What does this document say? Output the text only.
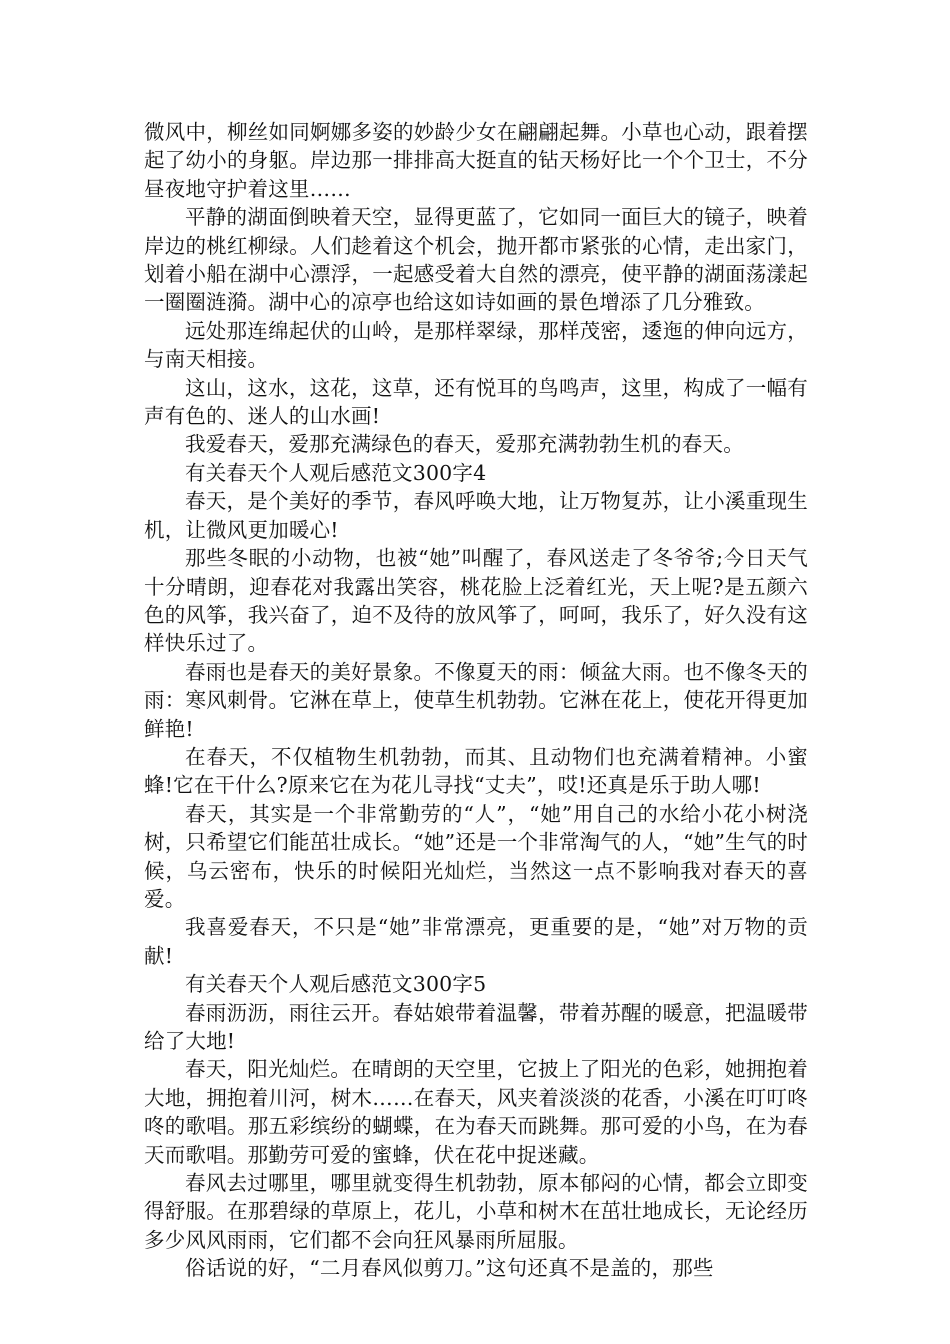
微风中，柳丝如同婀娜多姿的妙龄少女在翩翩起舞。小草也心动，跟着摆起了幼小的身躯。岸边那一排排高大挺直的钻天杨好比一个个卫士，不分昼夜地守护着这里……

平静的湖面倒映着天空，显得更蓝了，它如同一面巨大的镜子，映着岸边的桃红柳绿。人们趁着这个机会，抛开都市紧张的心情，走出家门，划着小船在湖中心漂浮，一起感受着大自然的漂亮，使平静的湖面荡漾起一圈圈涟漪。湖中心的凉亭也给这如诗如画的景色增添了几分雅致。

远处那连绵起伏的山岭，是那样翠绿，那样茂密，逶迤的伸向远方，与南天相接。

这山，这水，这花，这草，还有悦耳的鸟鸣声，这里，构成了一幅有声有色的、迷人的山水画!

我爱春天，爱那充满绿色的春天，爱那充满勃勃生机的春天。

有关春天个人观后感范文300字4

春天，是个美好的季节，春风呼唤大地，让万物复苏，让小溪重现生机，让微风更加暖心!

那些冬眠的小动物，也被“她”叫醒了，春风送走了冬爷爷;今日天气十分晴朗，迎春花对我露出笑容，桃花脸上泛着红光，天上呢?是五颜六色的风筝，我兴奋了，迫不及待的放风筝了，呵呵，我乐了，好久没有这样快乐过了。

春雨也是春天的美好景象。不像夏天的雨：倾盆大雨。也不像冬天的雨：寒风刺骨。它淋在草上，使草生机勃勃。它淋在花上，使花开得更加鲜艳!

在春天，不仅植物生机勃勃，而其、且动物们也充满着精神。小蜜蜂!它在干什么?原来它在为花儿寻找“丈夫”，哎!还真是乐于助人哪!

春天，其实是一个非常勤劳的“人”，“她”用自己的水给小花小树浇树，只希望它们能茁壮成长。“她”还是一个非常淘气的人，“她”生气的时候，乌云密布，快乐的时候阳光灿烂，当然这一点不影响我对春天的喜爱。

我喜爱春天，不只是“她”非常漂亮，更重要的是，“她”对万物的贡献!

有关春天个人观后感范文300字5

春雨沥沥，雨往云开。春姑娘带着温馨，带着苏醒的暖意，把温暖带给了大地!

春天，阳光灿烂。在晴朗的天空里，它披上了阳光的色彩，她拥抱着大地，拥抱着川河，树木……在春天，风夹着淡淡的花香，小溪在叮叮咚咚的歌唱。那五彩缤纷的蝴蝶，在为春天而跳舞。那可爱的小鸟，在为春天而歌唱。那勤劳可爱的蜜蜂，伏在花中捉迷藏。

春风去过哪里，哪里就变得生机勃勃，原本郁闷的心情，都会立即变得舒服。在那碧绿的草原上，花儿，小草和树木在茁壮地成长，无论经历多少风风雨雨，它们都不会向狂风暴雨所屈服。

俗话说的好，“二月春风似剪刀。”这句还真不是盖的，那些
